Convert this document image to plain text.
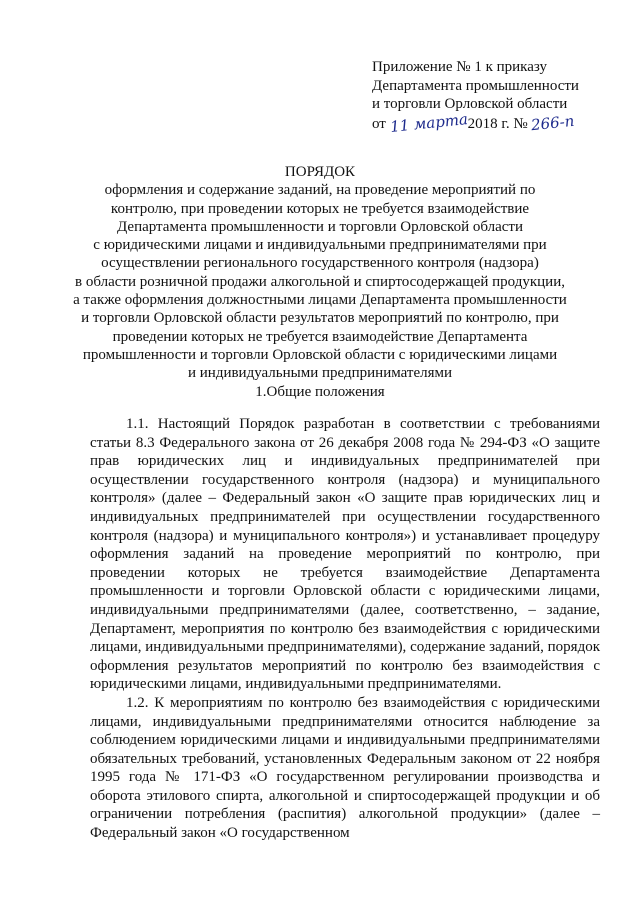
Приложение № 1 к приказу
Департамента промышленности
и торговли Орловской области
от 11 марта2018 г. № 266-п
ПОРЯДОК
оформления и содержание заданий, на проведение мероприятий по
контролю, при проведении которых не требуется взаимодействие
Департамента промышленности и торговли Орловской области
с юридическими лицами и индивидуальными предпринимателями при
осуществлении регионального государственного контроля (надзора)
в области розничной продажи алкогольной и спиртосодержащей продукции,
а также оформления должностными лицами Департамента промышленности
и торговли Орловской области результатов мероприятий по контролю, при
проведении которых не требуется взаимодействие Департамента
промышленности и торговли Орловской области с юридическими лицами
и индивидуальными предпринимателями
1.Общие положения

1.1. Настоящий Порядок разработан в соответствии с требованиями статьи 8.3 Федерального закона от 26 декабря 2008 года № 294-ФЗ «О защите прав юридических лиц и индивидуальных предпринимателей при осуществлении государственного контроля (надзора) и муниципального контроля» (далее – Федеральный закон «О защите прав юридических лиц и индивидуальных предпринимателей при осуществлении государственного контроля (надзора) и муниципального контроля») и устанавливает процедуру оформления заданий на проведение мероприятий по контролю, при проведении которых не требуется взаимодействие Департамента промышленности и торговли Орловской области с юридическими лицами, индивидуальными предпринимателями (далее, соответственно, – задание, Департамент, мероприятия по контролю без взаимодействия с юридическими лицами, индивидуальными предпринимателями), содержание заданий, порядок оформления результатов мероприятий по контролю без взаимодействия с юридическими лицами, индивидуальными предпринимателями.

1.2. К мероприятиям по контролю без взаимодействия с юридическими лицами, индивидуальными предпринимателями относится наблюдение за соблюдением юридическими лицами и индивидуальными предпринимателями обязательных требований, установленных Федеральным законом от 22 ноября 1995 года № 171-ФЗ «О государственном регулировании производства и оборота этилового спирта, алкогольной и спиртосодержащей продукции и об ограничении потребления (распития) алкогольной продукции» (далее – Федеральный закон «О государственном
